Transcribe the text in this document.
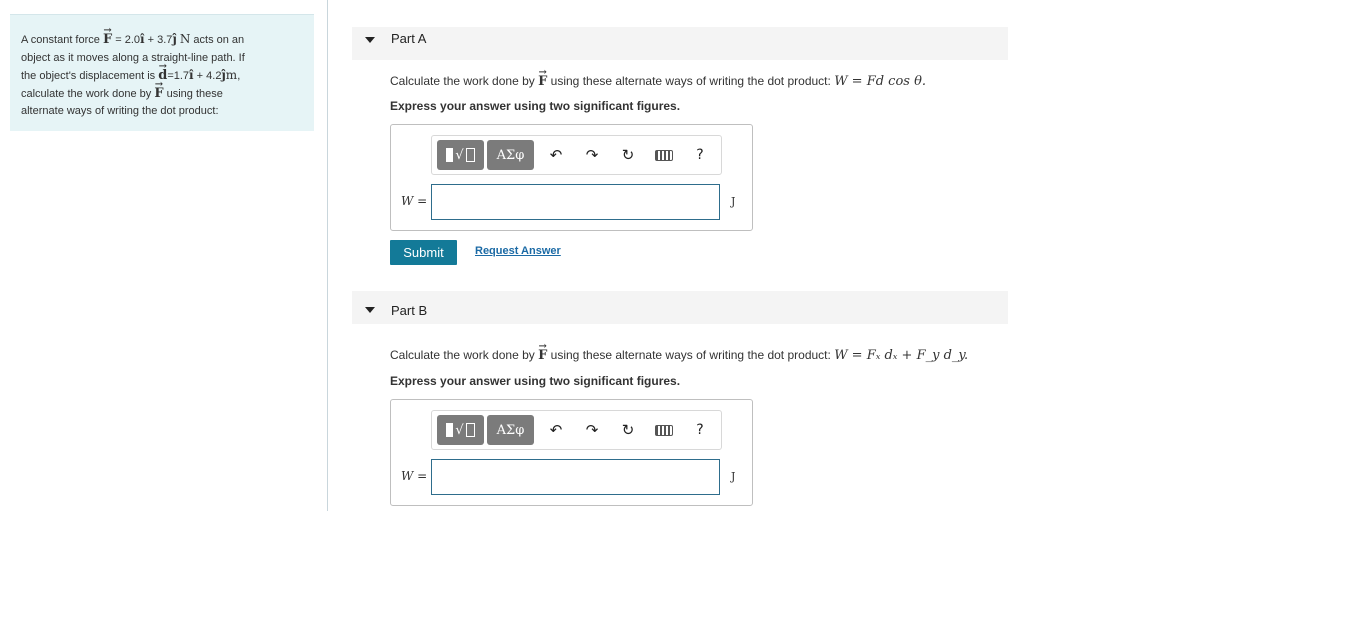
A constant force → F = 2.0î + 3.7ĵ N acts on an
object as it moves along a straight-line path. If
the object's displacement is → d=1.7î + 4.2ĵm,
calculate the work done by → F using these
alternate ways of writing the dot product:
Part A
Calculate the work done by → F using these alternate ways of writing the dot product: W = Fd cos θ.
Express your answer using two significant figures.
√	ΑΣφ	↶ ↷ ↻	?
W =	J
Submit	Request Answer
Part B
Calculate the work done by → F using these alternate ways of writing the dot product: W = Fₓ dₓ + F_y d_y.
Express your answer using two significant figures.
√	ΑΣφ	↶ ↷ ↻	?
W =	J
